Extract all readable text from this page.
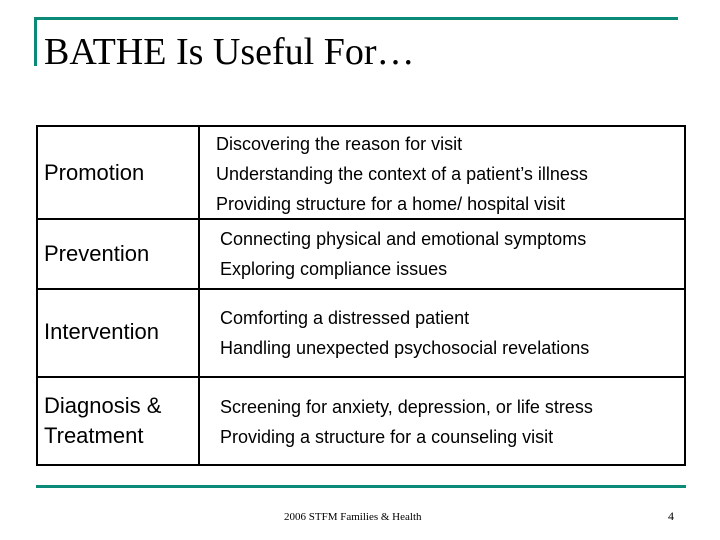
BATHE Is Useful For…
Promotion
Discovering the reason for visit
Understanding the context of a patient’s illness
Providing structure for a home/ hospital visit
Prevention
Connecting physical and emotional symptoms
Exploring compliance issues
Intervention
Comforting a distressed patient
Handling unexpected psychosocial revelations
Diagnosis &
Treatment
Screening for anxiety, depression, or life stress
Providing a structure for a counseling visit
2006 STFM Families & Health	4
